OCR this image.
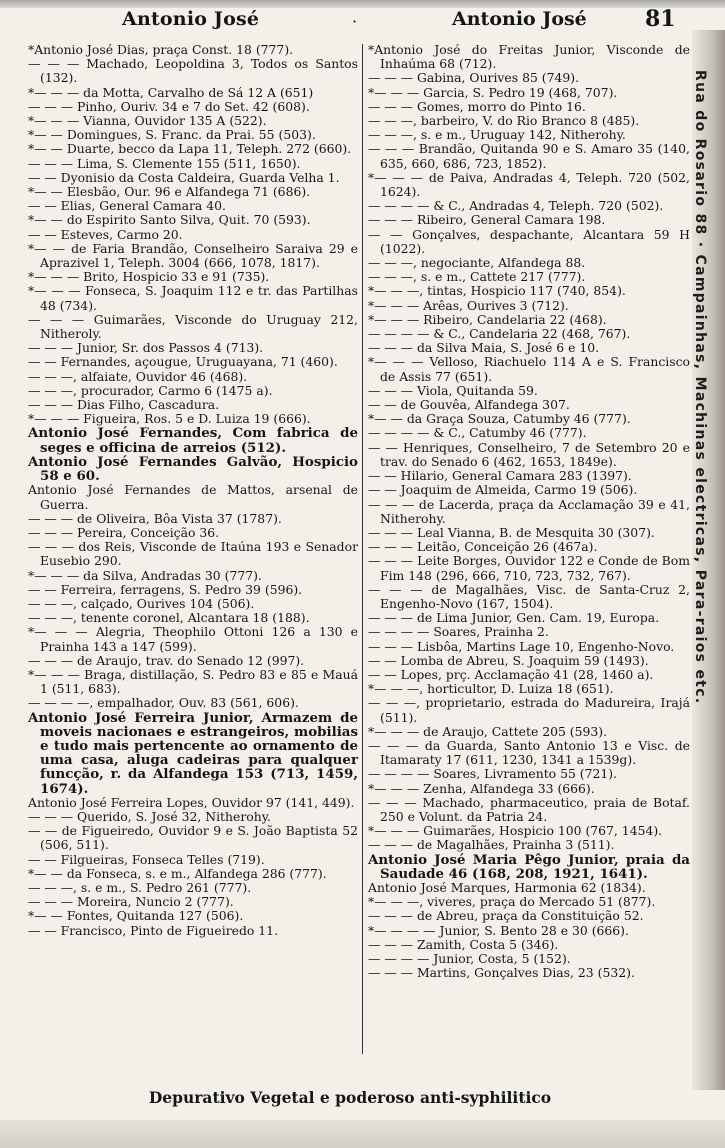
Antonio José	·	Antonio José	81

*Antonio José Dias, praça Const. 18 (777).

— — — Machado, Leopoldina 3, Todos os Santos (132).

*— — — da Motta, Carvalho de Sá 12 A (651)

— — — Pinho, Ouriv. 34 e 7 do Set. 42 (608).

*— — — Vianna, Ouvidor 135 A (522).

*— — Domingues, S. Franc. da Prai. 55 (503).

*— — Duarte, becco da Lapa 11, Teleph. 272 (660).

— — — Lima, S. Clemente 155 (511, 1650).

— — Dyonisio da Costa Caldeira, Guarda Velha 1.

*— — Elesbão, Our. 96 e Alfandega 71 (686).

— — Elias, General Camara 40.

*— — do Espirito Santo Silva, Quit. 70 (593).

— — Esteves, Carmo 20.

*— — de Faria Brandão, Conselheiro Saraiva 29 e Aprazivel 1, Teleph. 3004 (666, 1078, 1817).

*— — — Brito, Hospicio 33 e 91 (735).

*— — — Fonseca, S. Joaquim 112 e tr. das Partilhas 48 (734).

— — — Guimarães, Visconde do Uruguay 212, Nitheroly.

— — — Junior, Sr. dos Passos 4 (713).

— — Fernandes, açougue, Uruguayana, 71 (460).

— — —, alfaiate, Ouvidor 46 (468).

— — —, procurador, Carmo 6 (1475 a).

— — — Dias Filho, Cascadura.

*— — — Figueira, Ros. 5 e D. Luiza 19 (666).

Antonio José Fernandes, Com fabrica de seges e officina de arreios (512).

Antonio José Fernandes Galvão, Hospicio 58 e 60.

Antonio José Fernandes de Mattos, arsenal de Guerra.

— — — de Oliveira, Bôa Vista 37 (1787).

— — — Pereira, Conceição 36.

— — — dos Reis, Visconde de Itaúna 193 e Senador Eusebio 290.

*— — — da Silva, Andradas 30 (777).

— — Ferreira, ferragens, S. Pedro 39 (596).

— — —, calçado, Ourives 104 (506).

— — —, tenente coronel, Alcantara 18 (188).

*— — — Alegria, Theophilo Ottoni 126 a 130 e Prainha 143 a 147 (599).

— — — de Araujo, trav. do Senado 12 (997).

*— — — Braga, distillação, S. Pedro 83 e 85 e Mauá 1 (511, 683).

— — — —, empalhador, Ouv. 83 (561, 606).

Antonio José Ferreira Junior, Armazem de moveis nacionaes e estrangeiros, mobilias e tudo mais pertencente ao ornamento de uma casa, aluga cadeiras para qualquer funcção, r. da Alfandega 153 (713, 1459, 1674).

Antonio José Ferreira Lopes, Ouvidor 97 (141, 449).

— — — Querido, S. José 32, Nitherohy.

— — de Figueiredo, Ouvidor 9 e S. João Baptista 52 (506, 511).

— — Filgueiras, Fonseca Telles (719).

*— — da Fonseca, s. e m., Alfandega 286 (777).

— — —, s. e m., S. Pedro 261 (777).

— — — Moreira, Nuncio 2 (777).

*— — Fontes, Quitanda 127 (506).

— — Francisco, Pinto de Figueiredo 11.

*Antonio José do Freitas Junior, Visconde de Inhaúma 68 (712).

— — — Gabina, Ourives 85 (749).

*— — — Garcia, S. Pedro 19 (468, 707).

— — — Gomes, morro do Pinto 16.

— — —, barbeiro, V. do Rio Branco 8 (485).

— — —, s. e m., Uruguay 142, Nitherohy.

— — — Brandão, Quitanda 90 e S. Amaro 35 (140, 635, 660, 686, 723, 1852).

*— — — de Paiva, Andradas 4, Teleph. 720 (502, 1624).

— — — — & C., Andradas 4, Teleph. 720 (502).

— — — Ribeiro, General Camara 198.

— — Gonçalves, despachante, Alcantara 59 H (1022).

— — —, negociante, Alfandega 88.

— — —, s. e m., Cattete 217 (777).

*— — —, tintas, Hospicio 117 (740, 854).

*— — — Arêas, Ourives 3 (712).

*— — — Ribeiro, Candelaria 22 (468).

— — — — & C., Candelaria 22 (468, 767).

— — — da Silva Maia, S. José 6 e 10.

*— — — Velloso, Riachuelo 114 A e S. Francisco de Assis 77 (651).

— — — Viola, Quitanda 59.

— — de Gouvêa, Alfandega 307.

*— — da Graça Souza, Catumby 46 (777).

— — — — & C., Catumby 46 (777).

— — Henriques, Conselheiro, 7 de Setembro 20 e trav. do Senado 6 (462, 1653, 1849e).

— — Hilario, General Camara 283 (1397).

— — Joaquim de Almeida, Carmo 19 (506).

— — — de Lacerda, praça da Acclamação 39 e 41, Nitherohy.

— — — Leal Vianna, B. de Mesquita 30 (307).

— — — Leitão, Conceição 26 (467a).

— — — Leite Borges, Ouvidor 122 e Conde de Bom Fim 148 (296, 666, 710, 723, 732, 767).

— — — de Magalhães, Visc. de Santa-Cruz 2, Engenho-Novo (167, 1504).

— — — de Lima Junior, Gen. Cam. 19, Europa.

— — — — Soares, Prainha 2.

— — — Lisbôa, Martins Lage 10, Engenho-Novo.

— — Lomba de Abreu, S. Joaquim 59 (1493).

— — Lopes, prç. Acclamação 41 (28, 1460 a).

*— — —, horticultor, D. Luiza 18 (651).

— — —, proprietario, estrada do Madureira, Irajá (511).

*— — — de Araujo, Cattete 205 (593).

— — — da Guarda, Santo Antonio 13 e Visc. de Itamaraty 17 (611, 1230, 1341 a 1539g).

— — — — Soares, Livramento 55 (721).

*— — — Zenha, Alfandega 33 (666).

— — — Machado, pharmaceutico, praia de Botaf. 250 e Volunt. da Patria 24.

*— — — Guimarães, Hospicio 100 (767, 1454).

— — — de Magalhães, Prainha 3 (511).

Antonio José Maria Pêgo Junior, praia da Saudade 46 (168, 208, 1921, 1641).

Antonio José Marques, Harmonia 62 (1834).

*— — —, viveres, praça do Mercado 51 (877).

— — — de Abreu, praça da Constituição 52.

*— — — — Junior, S. Bento 28 e 30 (666).

— — — Zamith, Costa 5 (346).

— — — — Junior, Costa, 5 (152).

— — — Martins, Gonçalves Dias, 23 (532).

Rua do Rosario 88 · Campainhas, Machinas electricas, Para-raios etc.
Depurativo Vegetal e poderoso anti-syphilitico
